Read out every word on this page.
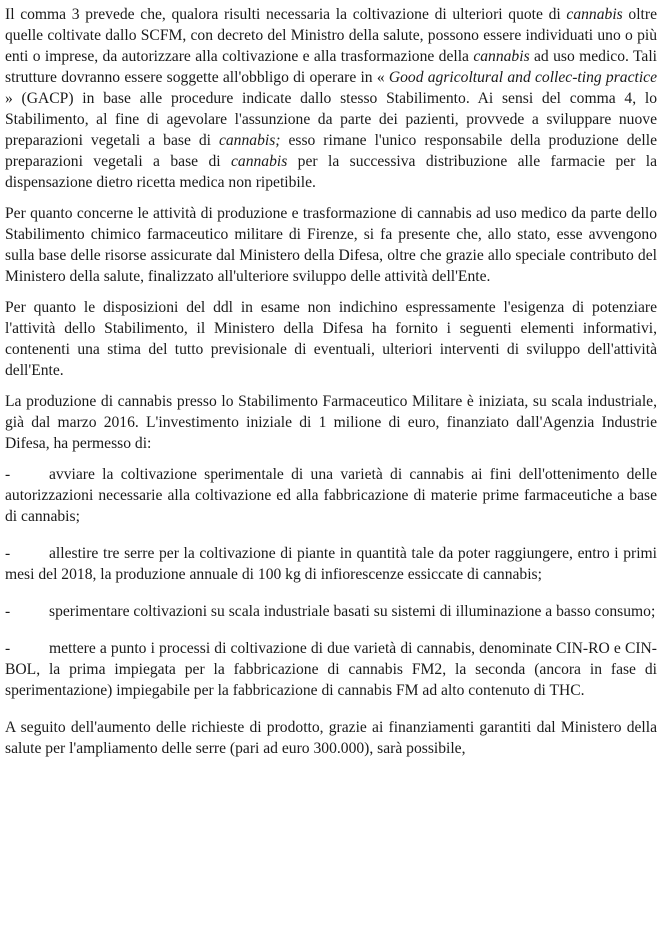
Il comma 3 prevede che, qualora risulti necessaria la coltivazione di ulteriori quote di cannabis oltre quelle coltivate dallo SCFM, con decreto del Ministro della salute, possono essere individuati uno o più enti o imprese, da autorizzare alla coltivazione e alla trasformazione della cannabis ad uso medico. Tali strutture dovranno essere soggette all'obbligo di operare in « Good agricoltural and collec-ting practice » (GACP) in base alle procedure indicate dallo stesso Stabilimento. Ai sensi del comma 4, lo Stabilimento, al fine di agevolare l'assunzione da parte dei pazienti, provvede a sviluppare nuove preparazioni vegetali a base di cannabis; esso rimane l'unico responsabile della produzione delle preparazioni vegetali a base di cannabis per la successiva distribuzione alle farmacie per la dispensazione dietro ricetta medica non ripetibile.

Per quanto concerne le attività di produzione e trasformazione di cannabis ad uso medico da parte dello Stabilimento chimico farmaceutico militare di Firenze, si fa presente che, allo stato, esse avvengono sulla base delle risorse assicurate dal Ministero della Difesa, oltre che grazie allo speciale contributo del Ministero della salute, finalizzato all'ulteriore sviluppo delle attività dell'Ente.

Per quanto le disposizioni del ddl in esame non indichino espressamente l'esigenza di potenziare l'attività dello Stabilimento, il Ministero della Difesa ha fornito i seguenti elementi informativi, contenenti una stima del tutto previsionale di eventuali, ulteriori interventi di sviluppo dell'attività dell'Ente.

La produzione di cannabis presso lo Stabilimento Farmaceutico Militare è iniziata, su scala industriale, già dal marzo 2016. L'investimento iniziale di 1 milione di euro, finanziato dall'Agenzia Industrie Difesa, ha permesso di:

- avviare la coltivazione sperimentale di una varietà di cannabis ai fini dell'ottenimento delle autorizzazioni necessarie alla coltivazione ed alla fabbricazione di materie prime farmaceutiche a base di cannabis;

- allestire tre serre per la coltivazione di piante in quantità tale da poter raggiungere, entro i primi mesi del 2018, la produzione annuale di 100 kg di infiorescenze essiccate di cannabis;

- sperimentare coltivazioni su scala industriale basati su sistemi di illuminazione a basso consumo;

- mettere a punto i processi di coltivazione di due varietà di cannabis, denominate CIN-RO e CIN-BOL, la prima impiegata per la fabbricazione di cannabis FM2, la seconda (ancora in fase di sperimentazione) impiegabile per la fabbricazione di cannabis FM ad alto contenuto di THC.

A seguito dell'aumento delle richieste di prodotto, grazie ai finanziamenti garantiti dal Ministero della salute per l'ampliamento delle serre (pari ad euro 300.000), sarà possibile,
